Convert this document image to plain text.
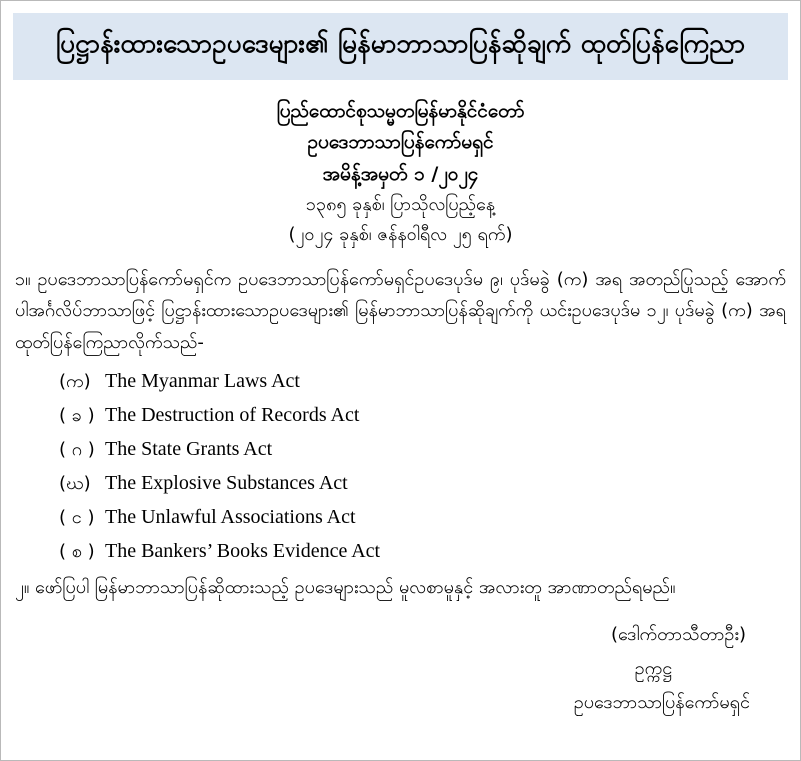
ပြဋ္ဌာန်းထားသောဥပဒေများ၏ မြန်မာဘာသာပြန်ဆိုချက် ထုတ်ပြန်ကြေညာ
ပြည်ထောင်စုသမ္မတမြန်မာနိုင်ငံတော်
ဥပဒေဘာသာပြန်ကော်မရှင်
အမိန့်အမှတ် ၁ /၂၀၂၄
၁၃၈၅ ခုနှစ်၊ ပြာသိုလပြည့်နေ့
(၂၀၂၄ ခုနှစ်၊ ဇန်နဝါရီလ ၂၅ ရက်)

၁။ ဥပဒေဘာသာပြန်ကော်မရှင်က ဥပဒေဘာသာပြန်ကော်မရှင်ဥပဒေပုဒ်မ ၉၊ ပုဒ်မခွဲ (က) အရ အတည်ပြုသည့် အောက်ပါအင်္ဂလိပ်ဘာသာဖြင့် ပြဋ္ဌာန်းထားသောဥပဒေများ၏ မြန်မာဘာသာပြန်ဆိုချက်ကို ယင်းဥပဒေပုဒ်မ ၁၂၊ ပုဒ်မခွဲ (က) အရ ထုတ်ပြန်ကြေညာလိုက်သည်-

(က) The Myanmar Laws Act
( ခ ) The Destruction of Records Act
( ဂ ) The State Grants Act
(ဃ) The Explosive Substances Act
( င ) The Unlawful Associations Act
( စ ) The Bankers’ Books Evidence Act

၂။ ဖော်ပြပါ မြန်မာဘာသာပြန်ဆိုထားသည့် ဥပဒေများသည် မူလစာမူနှင့် အလားတူ အာဏာတည်ရမည်။

(ဒေါက်တာသီတာဦး)
ဥက္ကဋ္ဌ
ဥပဒေဘာသာပြန်ကော်မရှင်
